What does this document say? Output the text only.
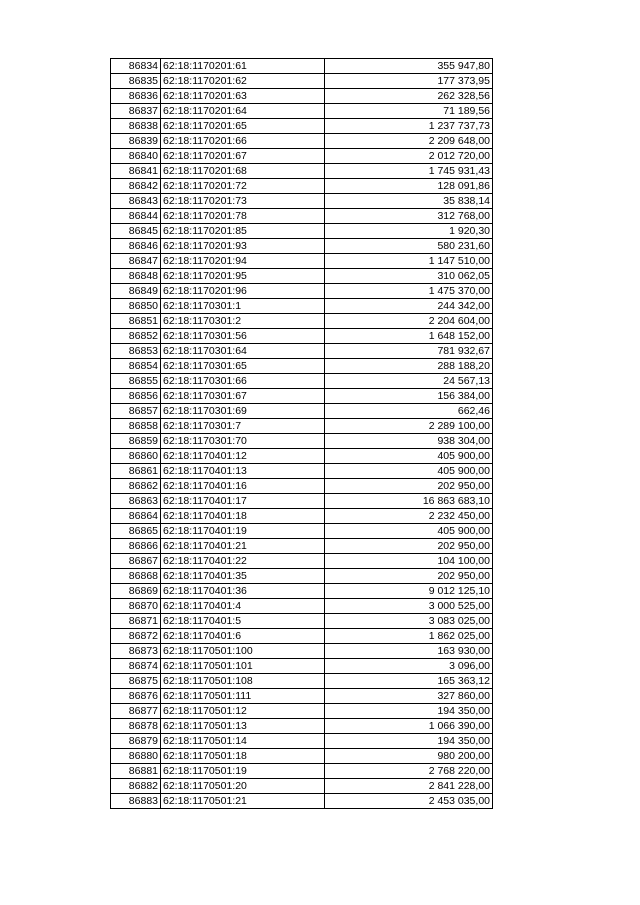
86834	62:18:1170201:61	355 947,80
86835	62:18:1170201:62	177 373,95
86836	62:18:1170201:63	262 328,56
86837	62:18:1170201:64	71 189,56
86838	62:18:1170201:65	1 237 737,73
86839	62:18:1170201:66	2 209 648,00
86840	62:18:1170201:67	2 012 720,00
86841	62:18:1170201:68	1 745 931,43
86842	62:18:1170201:72	128 091,86
86843	62:18:1170201:73	35 838,14
86844	62:18:1170201:78	312 768,00
86845	62:18:1170201:85	1 920,30
86846	62:18:1170201:93	580 231,60
86847	62:18:1170201:94	1 147 510,00
86848	62:18:1170201:95	310 062,05
86849	62:18:1170201:96	1 475 370,00
86850	62:18:1170301:1	244 342,00
86851	62:18:1170301:2	2 204 604,00
86852	62:18:1170301:56	1 648 152,00
86853	62:18:1170301:64	781 932,67
86854	62:18:1170301:65	288 188,20
86855	62:18:1170301:66	24 567,13
86856	62:18:1170301:67	156 384,00
86857	62:18:1170301:69	662,46
86858	62:18:1170301:7	2 289 100,00
86859	62:18:1170301:70	938 304,00
86860	62:18:1170401:12	405 900,00
86861	62:18:1170401:13	405 900,00
86862	62:18:1170401:16	202 950,00
86863	62:18:1170401:17	16 863 683,10
86864	62:18:1170401:18	2 232 450,00
86865	62:18:1170401:19	405 900,00
86866	62:18:1170401:21	202 950,00
86867	62:18:1170401:22	104 100,00
86868	62:18:1170401:35	202 950,00
86869	62:18:1170401:36	9 012 125,10
86870	62:18:1170401:4	3 000 525,00
86871	62:18:1170401:5	3 083 025,00
86872	62:18:1170401:6	1 862 025,00
86873	62:18:1170501:100	163 930,00
86874	62:18:1170501:101	3 096,00
86875	62:18:1170501:108	165 363,12
86876	62:18:1170501:111	327 860,00
86877	62:18:1170501:12	194 350,00
86878	62:18:1170501:13	1 066 390,00
86879	62:18:1170501:14	194 350,00
86880	62:18:1170501:18	980 200,00
86881	62:18:1170501:19	2 768 220,00
86882	62:18:1170501:20	2 841 228,00
86883	62:18:1170501:21	2 453 035,00
